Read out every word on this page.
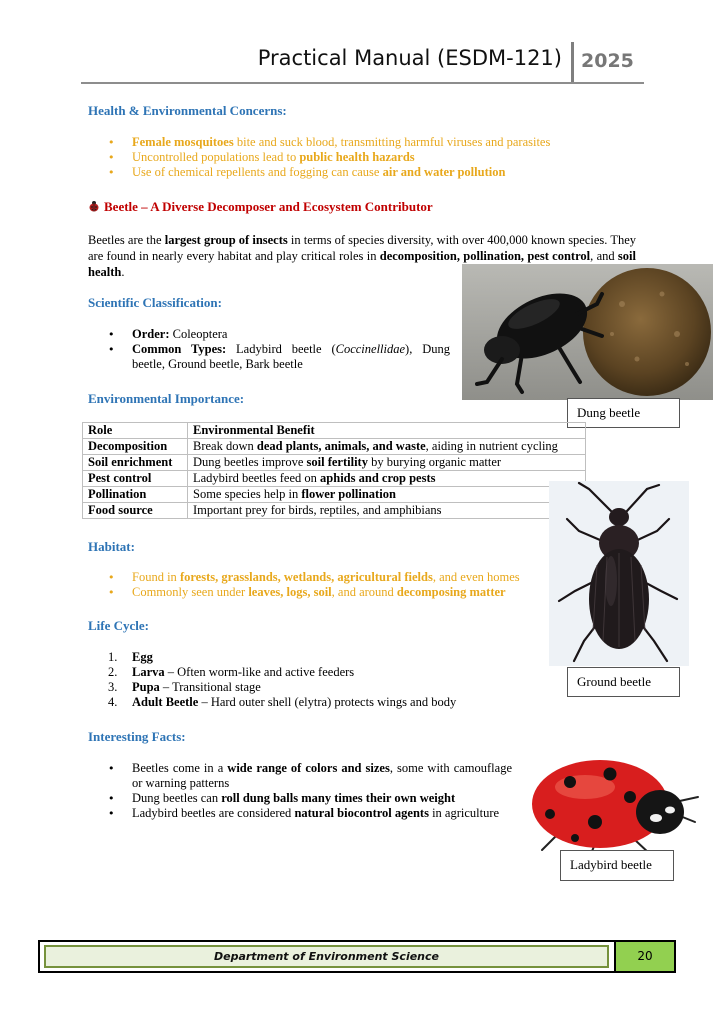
Practical Manual (ESDM-121) 2025
Health & Environmental Concerns:
• Female mosquitoes bite and suck blood, transmitting harmful viruses and parasites
• Uncontrolled populations lead to public health hazards
• Use of chemical repellents and fogging can cause air and water pollution
Beetle – A Diverse Decomposer and Ecosystem Contributor
Beetles are the largest group of insects in terms of species diversity, with over 400,000 known species. They are found in nearly every habitat and play critical roles in decomposition, pollination, pest control, and soil health.
Scientific Classification:
• Order: Coleoptera
• Common Types: Ladybird beetle (Coccinellidae), Dung beetle, Ground beetle, Bark beetle
Dung beetle
Environmental Importance:
Role	Environmental Benefit
Decomposition	Break down dead plants, animals, and waste, aiding in nutrient cycling
Soil enrichment	Dung beetles improve soil fertility by burying organic matter
Pest control	Ladybird beetles feed on aphids and crop pests
Pollination	Some species help in flower pollination
Food source	Important prey for birds, reptiles, and amphibians
Ground beetle
Habitat:
• Found in forests, grasslands, wetlands, agricultural fields, and even homes
• Commonly seen under leaves, logs, soil, and around decomposing matter
Life Cycle:
1. Egg
2. Larva – Often worm-like and active feeders
3. Pupa – Transitional stage
4. Adult Beetle – Hard outer shell (elytra) protects wings and body
Interesting Facts:
• Beetles come in a wide range of colors and sizes, some with camouflage or warning patterns
• Dung beetles can roll dung balls many times their own weight
• Ladybird beetles are considered natural biocontrol agents in agriculture
Ladybird beetle
Department of Environment Science	20
